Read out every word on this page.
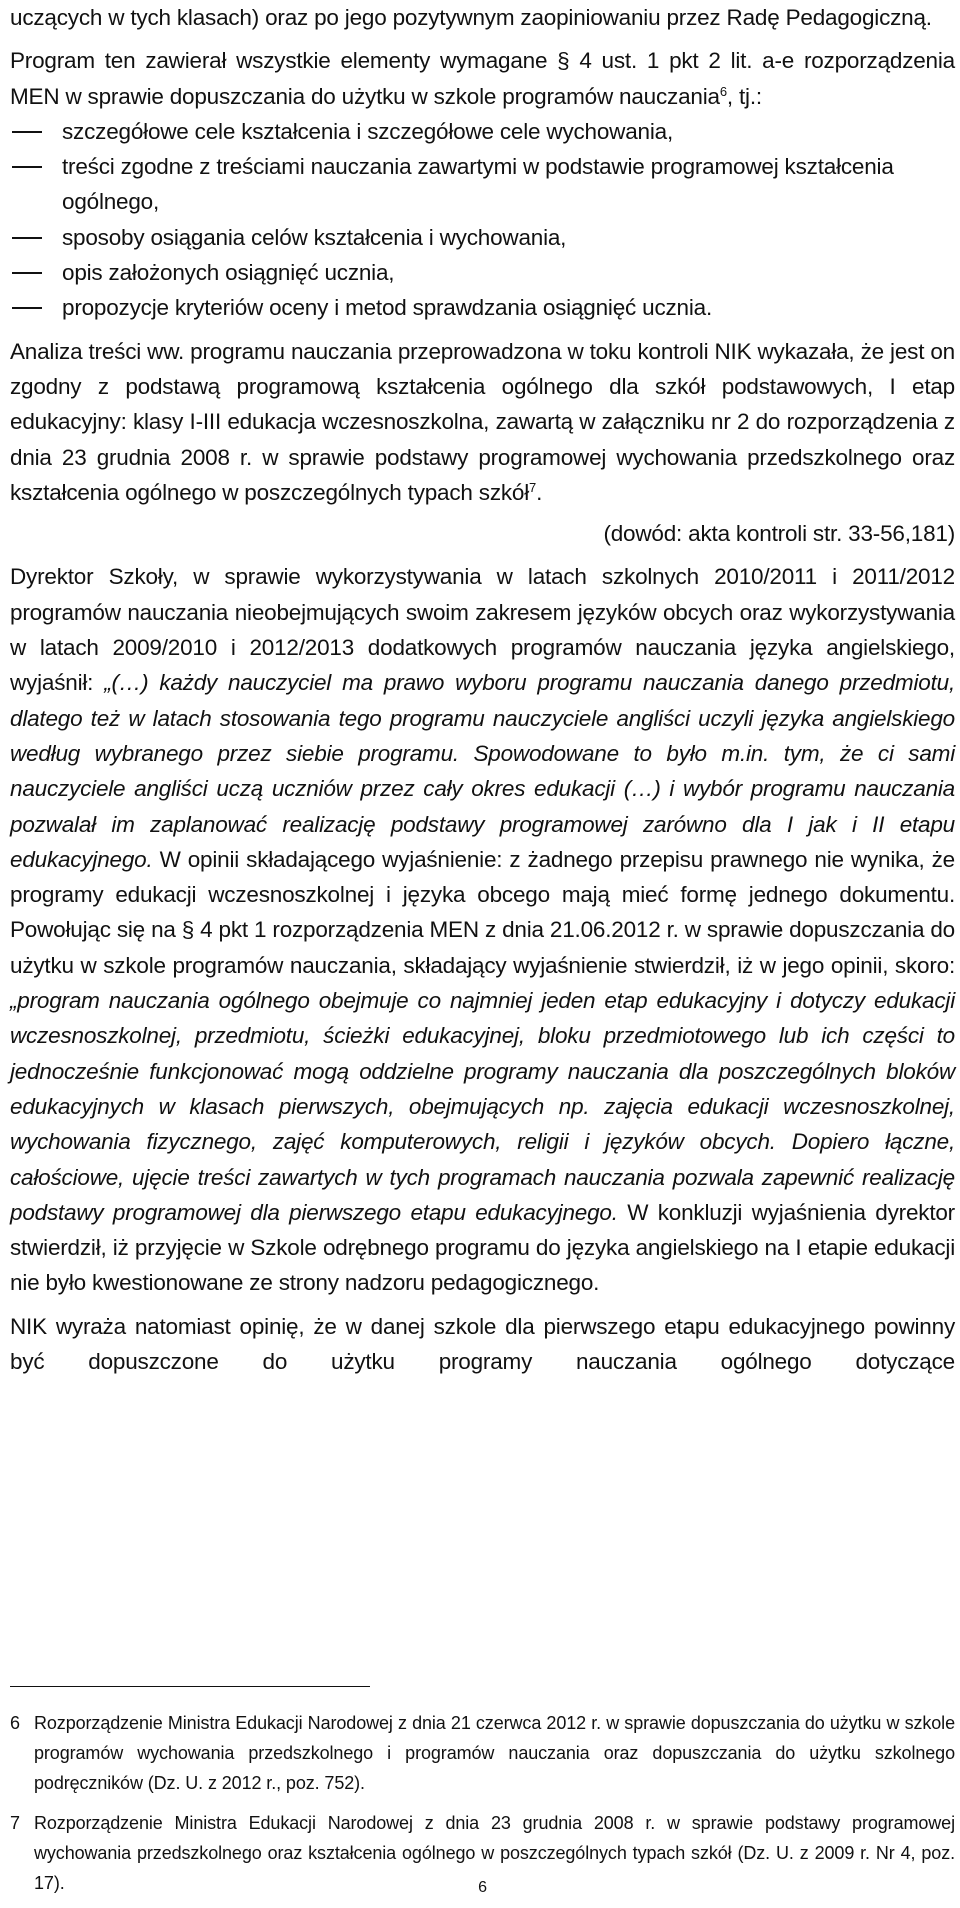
uczących w tych klasach) oraz po jego pozytywnym zaopiniowaniu przez Radę Pedagogiczną.

Program ten zawierał wszystkie elementy wymagane § 4 ust. 1 pkt 2 lit. a-e rozporządzenia MEN w sprawie dopuszczania do użytku w szkole programów nauczania$^6$, tj.:

szczegółowe cele kształcenia i szczegółowe cele wychowania,
treści zgodne z treściami nauczania zawartymi w podstawie programowej kształcenia ogólnego,
sposoby osiągania celów kształcenia i wychowania,
opis założonych osiągnięć ucznia,
propozycje kryteriów oceny i metod sprawdzania osiągnięć ucznia.

Analiza treści ww. programu nauczania przeprowadzona w toku kontroli NIK wykazała, że jest on zgodny z podstawą programową kształcenia ogólnego dla szkół podstawowych, I etap edukacyjny: klasy I-III edukacja wczesnoszkolna, zawartą w załączniku nr 2 do rozporządzenia z dnia 23 grudnia 2008 r. w sprawie podstawy programowej wychowania przedszkolnego oraz kształcenia ogólnego w poszczególnych typach szkół$^7$.

(dowód: akta kontroli str. 33-56,181)

Dyrektor Szkoły, w sprawie wykorzystywania w latach szkolnych 2010/2011 i 2011/2012 programów nauczania nieobejmujących swoim zakresem języków obcych oraz wykorzystywania w latach 2009/2010 i 2012/2013 dodatkowych programów nauczania języka angielskiego, wyjaśnił: „(…) każdy nauczyciel ma prawo wyboru programu nauczania danego przedmiotu, dlatego też w latach stosowania tego programu nauczyciele angliści uczyli języka angielskiego według wybranego przez siebie programu. Spowodowane to było m.in. tym, że ci sami nauczyciele angliści uczą uczniów przez cały okres edukacji (…) i wybór programu nauczania pozwalał im zaplanować realizację podstawy programowej zarówno dla I jak i II etapu edukacyjnego. W opinii składającego wyjaśnienie: z żadnego przepisu prawnego nie wynika, że programy edukacji wczesnoszkolnej i języka obcego mają mieć formę jednego dokumentu. Powołując się na § 4 pkt 1 rozporządzenia MEN z dnia 21.06.2012 r. w sprawie dopuszczania do użytku w szkole programów nauczania, składający wyjaśnienie stwierdził, iż w jego opinii, skoro: „program nauczania ogólnego obejmuje co najmniej jeden etap edukacyjny i dotyczy edukacji wczesnoszkolnej, przedmiotu, ścieżki edukacyjnej, bloku przedmiotowego lub ich części to jednocześnie funkcjonować mogą oddzielne programy nauczania dla poszczególnych bloków edukacyjnych w klasach pierwszych, obejmujących np. zajęcia edukacji wczesnoszkolnej, wychowania fizycznego, zajęć komputerowych, religii i języków obcych. Dopiero łączne, całościowe, ujęcie treści zawartych w tych programach nauczania pozwala zapewnić realizację podstawy programowej dla pierwszego etapu edukacyjnego. W konkluzji wyjaśnienia dyrektor stwierdził, iż przyjęcie w Szkole odrębnego programu do języka angielskiego na I etapie edukacji nie było kwestionowane ze strony nadzoru pedagogicznego.

NIK wyraża natomiast opinię, że w danej szkole dla pierwszego etapu edukacyjnego powinny być dopuszczone do użytku programy nauczania ogólnego dotyczące

6 Rozporządzenie Ministra Edukacji Narodowej z dnia 21 czerwca 2012 r. w sprawie dopuszczania do użytku w szkole programów wychowania przedszkolnego i programów nauczania oraz dopuszczania do użytku szkolnego podręczników (Dz. U. z 2012 r., poz. 752).
7 Rozporządzenie Ministra Edukacji Narodowej z dnia 23 grudnia 2008 r. w sprawie podstawy programowej wychowania przedszkolnego oraz kształcenia ogólnego w poszczególnych typach szkół (Dz. U. z 2009 r. Nr 4, poz. 17).	6
